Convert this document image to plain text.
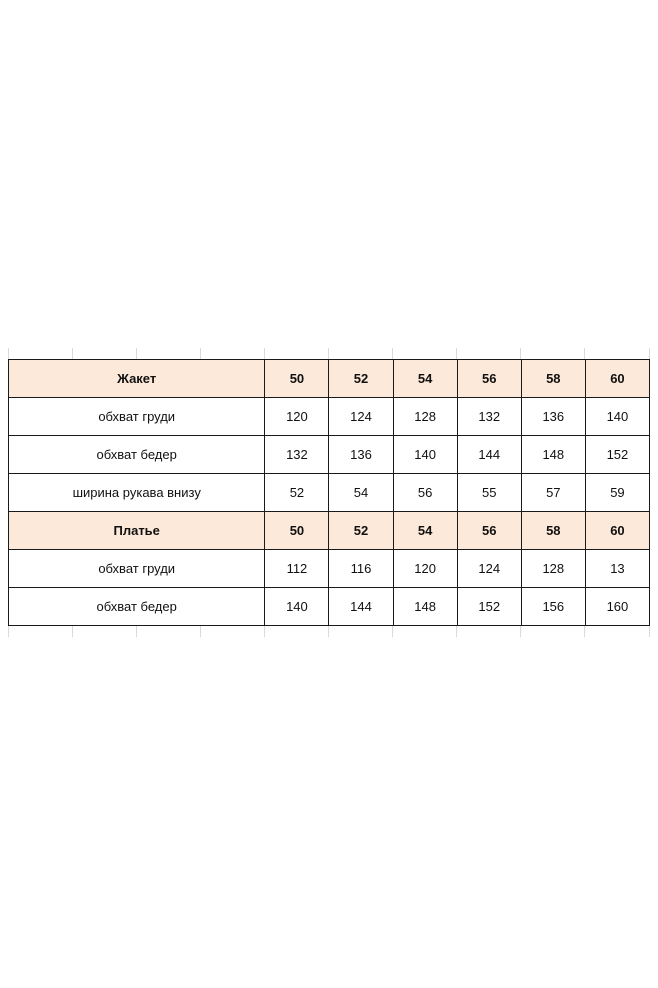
Жакет	50	52	54	56	58	60
обхват груди	120	124	128	132	136	140
обхват бедер	132	136	140	144	148	152
ширина рукава внизу	52	54	56	55	57	59
Платье	50	52	54	56	58	60
обхват груди	112	116	120	124	128	13
обхват бедер	140	144	148	152	156	160
